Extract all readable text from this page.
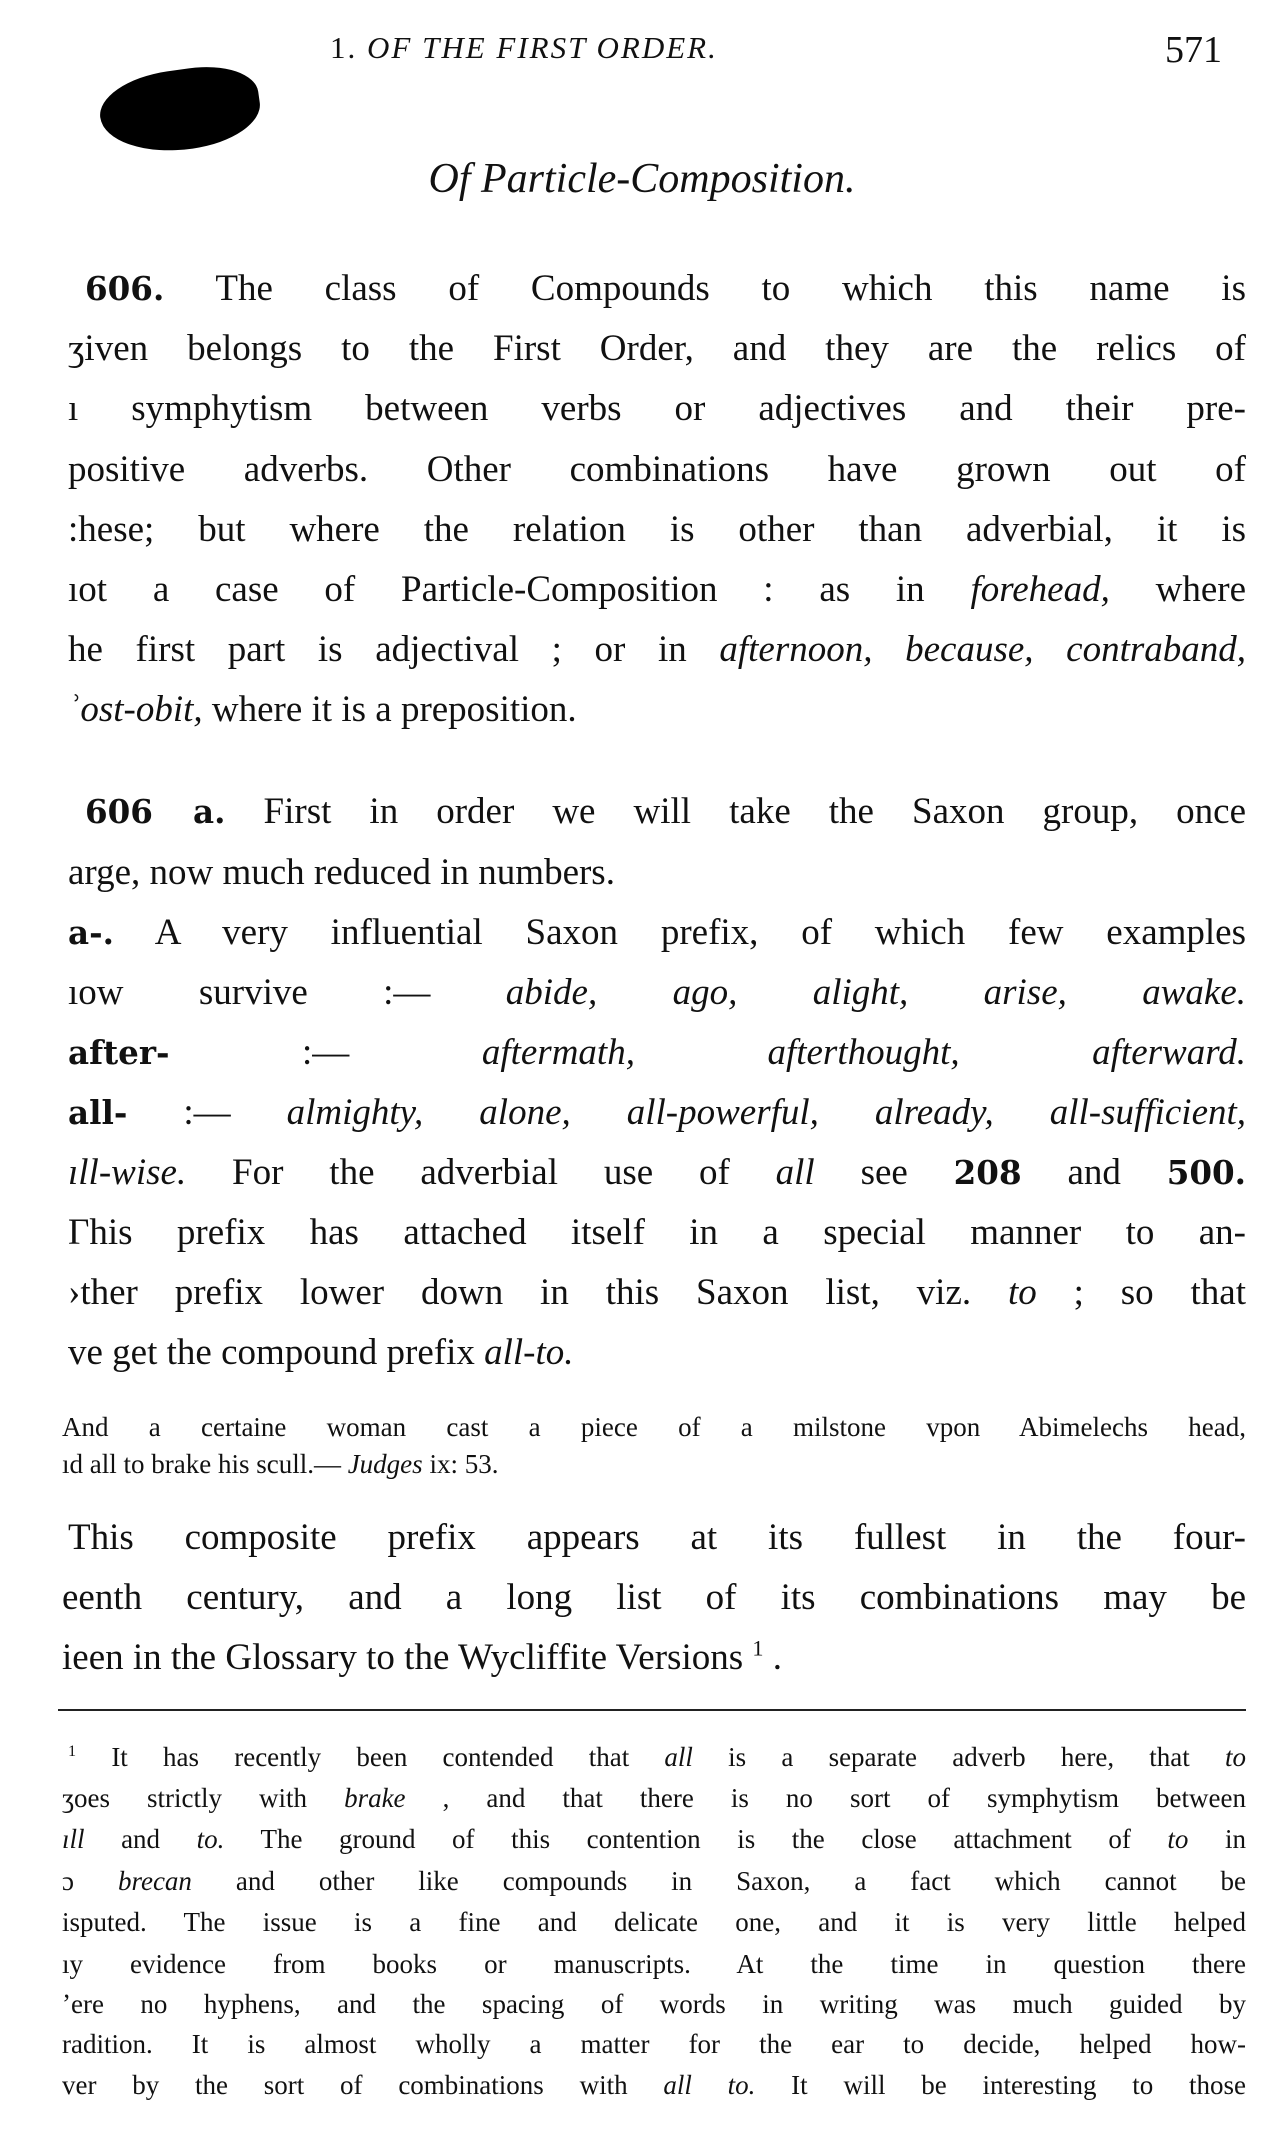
1. OF THE FIRST ORDER.	571
Of Particle-Composition.
606. The class of Compounds to which this name is
ʒiven belongs to the First Order, and they are the relics of
ı symphytism between verbs or adjectives and their pre-
positive adverbs. Other combinations have grown out of
:hese; but where the relation is other than adverbial, it is
ıot a case of Particle-Composition : as in forehead, where
he first part is adjectival ; or in afternoon, because, contraband,
ʾost-obit, where it is a preposition.
606 a. First in order we will take the Saxon group, once
arge, now much reduced in numbers.
a-. A very influential Saxon prefix, of which few examples
ıow survive :— abide, ago, alight, arise, awake.
after-	:—	aftermath, afterthought, afterward.
all- :— almighty, alone, all-powerful, already, all-sufficient,
ıll-wise. For the adverbial use of all see 208 and 500.
Γhis prefix has attached itself in a special manner to an-
›ther prefix lower down in this Saxon list, viz. to ; so that
ve get the compound prefix all-to.
And a certaine woman cast a piece of a milstone vpon Abimelechs head,
ıd all to brake his scull.— Judges ix: 53.
This composite prefix appears at its fullest in the four-
eenth century, and a long list of its combinations may be
ieen in the Glossary to the Wycliffite Versions $^1$ .
$^1$ It has recently been contended that all is a separate adverb here, that to
ʒoes strictly with brake , and that there is no sort of symphytism between
ıll and to. The ground of this contention is the close attachment of to in
ɔ brecan and other like compounds in Saxon, a fact which cannot be
isputed. The issue is a fine and delicate one, and it is very little helped
ıy evidence from books or manuscripts. At the time in question there
ʼere no hyphens, and the spacing of words in writing was much guided by
radition. It is almost wholly a matter for the ear to decide, helped how-
ver by the sort of combinations with all to. It will be interesting to those
